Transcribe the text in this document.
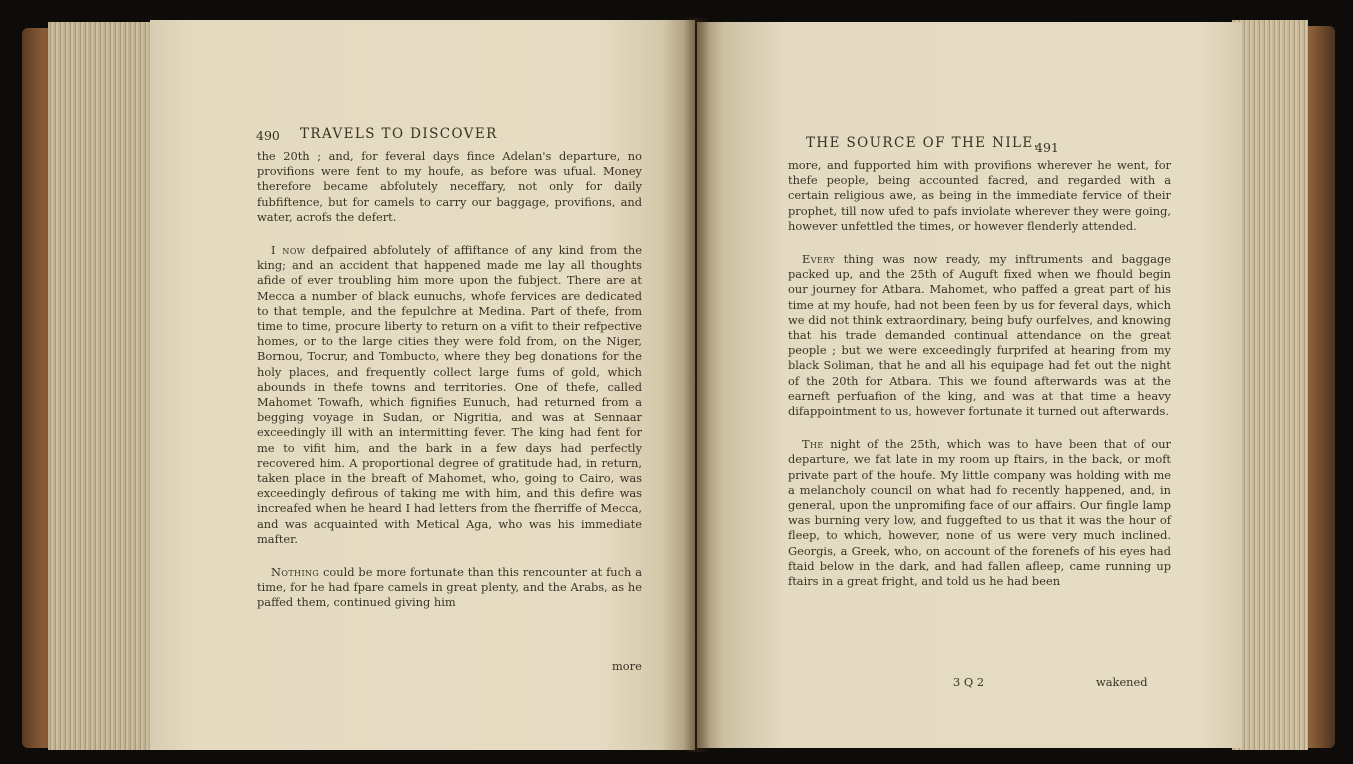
490 TRAVELS TO DISCOVER

the 20th ; and, for feveral days fince Adelan's departure, no provifions were fent to my houfe, as before was ufual. Money therefore became abfolutely neceffary, not only for daily fubfiftence, but for camels to carry our baggage, provifions, and water, acrofs the defert.

I now defpaired abfolutely of affiftance of any kind from the king; and an accident that happened made me lay all thoughts afide of ever troubling him more upon the fubject. There are at Mecca a number of black eunuchs, whofe fervices are dedicated to that temple, and the fepulchre at Medina. Part of thefe, from time to time, procure liberty to return on a vifit to their refpective homes, or to the large cities they were fold from, on the Niger, Bornou, Tocrur, and Tombucto, where they beg donations for the holy places, and frequently collect large fums of gold, which abounds in thefe towns and territories. One of thefe, called Mahomet Towafh, which fignifies Eunuch, had returned from a begging voyage in Sudan, or Nigritia, and was at Sennaar exceedingly ill with an intermitting fever. The king had fent for me to vifit him, and the bark in a few days had perfectly recovered him. A proportional degree of gratitude had, in return, taken place in the breaft of Mahomet, who, going to Cairo, was exceedingly defirous of taking me with him, and this defire was increafed when he heard I had letters from the fherriffe of Mecca, and was acquainted with Metical Aga, who was his immediate mafter.

Nothing could be more fortunate than this rencounter at fuch a time, for he had fpare camels in great plenty, and the Arabs, as he paffed them, continued giving him

more
THE SOURCE OF THE NILE.
491

more, and fupported him with provifions wherever he went, for thefe people, being accounted facred, and regarded with a certain religious awe, as being in the immediate fervice of their prophet, till now ufed to pafs inviolate wherever they were going, however unfettled the times, or however flenderly attended.

Every thing was now ready, my inftruments and baggage packed up, and the 25th of Auguft fixed when we fhould begin our journey for Atbara. Mahomet, who paffed a great part of his time at my houfe, had not been feen by us for feveral days, which we did not think extraordinary, being bufy ourfelves, and knowing that his trade demanded continual attendance on the great people ; but we were exceedingly furprifed at hearing from my black Soliman, that he and all his equipage had fet out the night of the 20th for Atbara. This we found afterwards was at the earneft perfuafion of the king, and was at that time a heavy difappointment to us, however fortunate it turned out afterwards.

The night of the 25th, which was to have been that of our departure, we fat late in my room up ftairs, in the back, or moft private part of the houfe. My little company was holding with me a melancholy council on what had fo recently happened, and, in general, upon the unpromifing face of our affairs. Our fingle lamp was burning very low, and fuggefted to us that it was the hour of fleep, to which, however, none of us were very much inclined. Georgis, a Greek, who, on account of the forenefs of his eyes had ftaid below in the dark, and had fallen afleep, came running up ftairs in a great fright, and told us he had been

3 Q 2	wakened
